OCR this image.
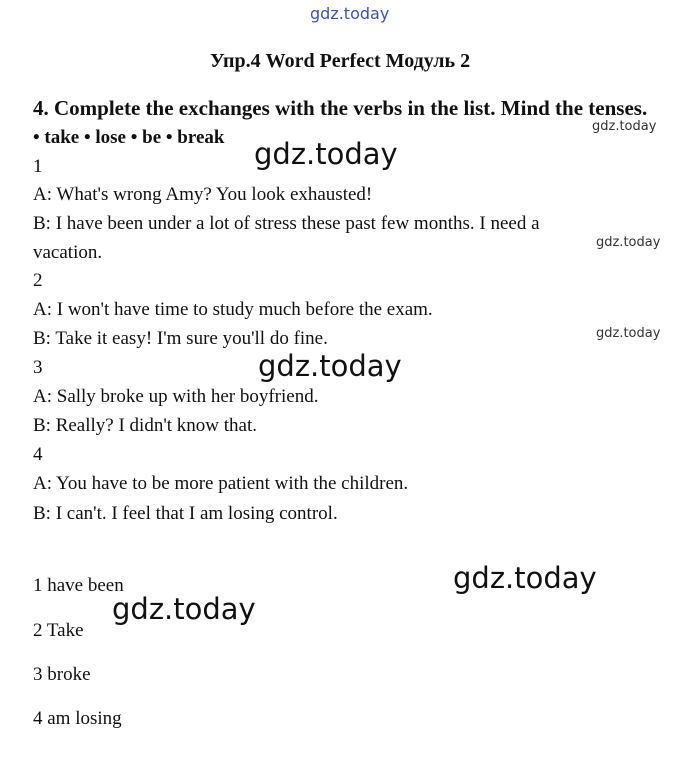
gdz.today
Упр.4 Word Perfect Модуль 2
4. Complete the exchanges with the verbs in the list. Mind the tenses.
gdz.today
• take • lose • be • break gdz.today
1
A: What's wrong Amy? You look exhausted!
B: I have been under a lot of stress these past few months. I need a
vacation.	gdz.today
2
A: I won't have time to study much before the exam.
B: Take it easy! I'm sure you'll do fine.	gdz.today
3	gdz.today
A: Sally broke up with her boyfriend.
B: Really? I didn't know that.
4
A: You have to be more patient with the children.
B: I can't. I feel that I am losing control.
gdz.today
1 have been
gdz.today
2 Take
3 broke
4 am losing
